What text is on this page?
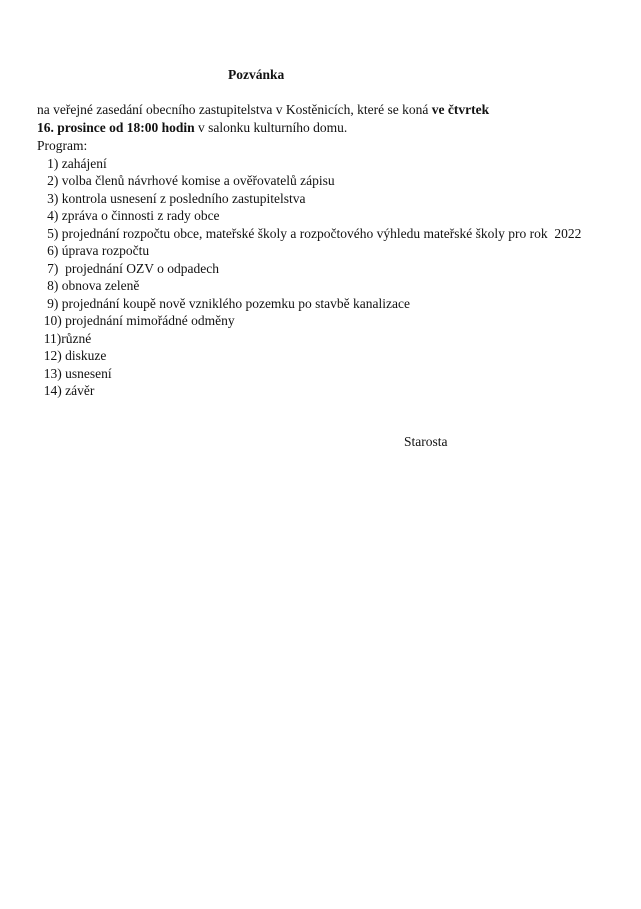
Pozvánka
na veřejné zasedání obecního zastupitelstva v Kostěnicích, které se koná ve čtvrtek
16. prosince od 18:00 hodin v salonku kulturního domu.
Program:
1) zahájení
2) volba členů návrhové komise a ověřovatelů zápisu
3) kontrola usnesení z posledního zastupitelstva
4) zpráva o činnosti z rady obce
5) projednání rozpočtu obce, mateřské školy a rozpočtového výhledu mateřské školy pro rok  2022
6) úprava rozpočtu
7)  projednání OZV o odpadech
8) obnova zeleně
9) projednání koupě nově vzniklého pozemku po stavbě kanalizace
10) projednání mimořádné odměny
11)různé
12) diskuze
13) usnesení
14) závěr
Starosta
